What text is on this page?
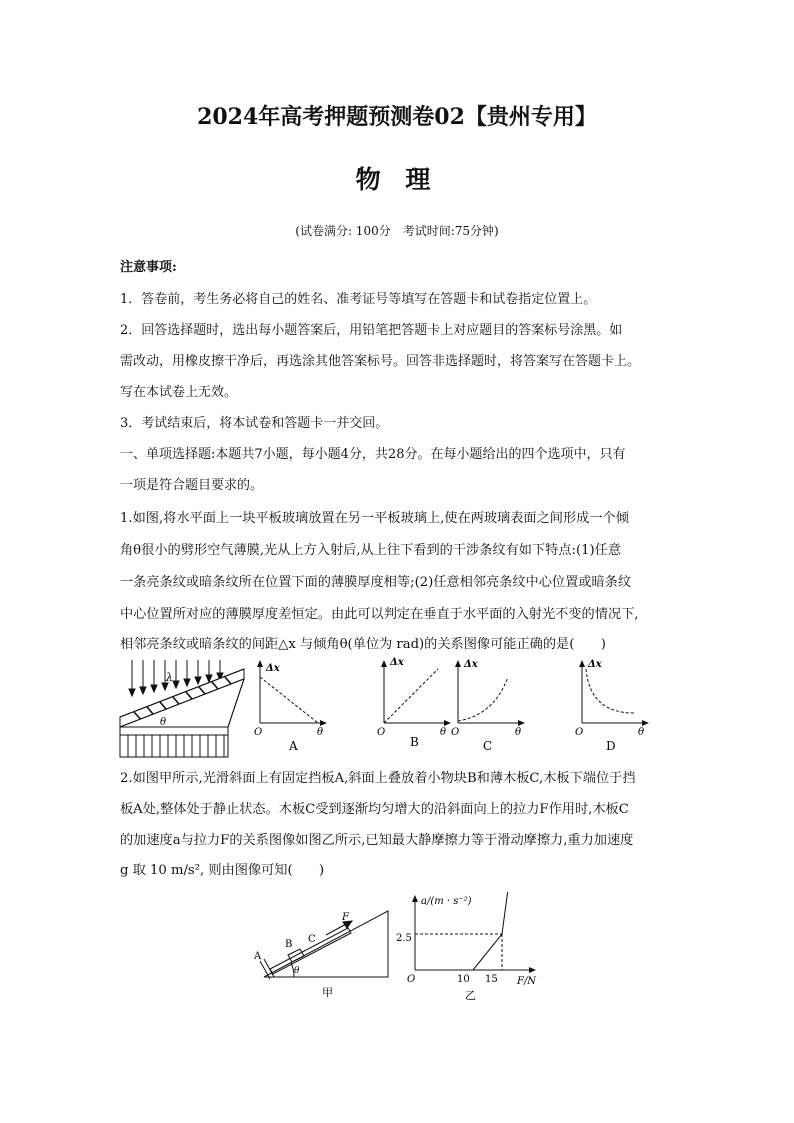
2024年高考押题预测卷02【贵州专用】
物 理
(试卷满分: 100分　考试时间:75分钟)
注意事项:
1．答卷前，考生务必将自己的姓名、准考证号等填写在答题卡和试卷指定位置上。
2．回答选择题时，选出每小题答案后，用铅笔把答题卡上对应题目的答案标号涂黑。如
需改动，用橡皮擦干净后，再选涂其他答案标号。回答非选择题时，将答案写在答题卡上。
写在本试卷上无效。
3．考试结束后，将本试卷和答题卡一并交回。
一、单项选择题:本题共7小题，每小题4分，共28分。在每小题给出的四个选项中，只有
一项是符合题目要求的。
1.如图,将水平面上一块平板玻璃放置在另一平板玻璃上,使在两玻璃表面之间形成一个倾
角θ很小的劈形空气薄膜,光从上方入射后,从上往下看到的干涉条纹有如下特点:(1)任意
一条亮条纹或暗条纹所在位置下面的薄膜厚度相等;(2)任意相邻亮条纹中心位置或暗条纹
中心位置所对应的薄膜厚度差恒定。由此可以判定在垂直于水平面的入射光不变的情况下,
相邻亮条纹或暗条纹的间距△x 与倾角θ(单位为 rad)的关系图像可能正确的是(　　)
λ
θ
Δx
O	θ
A
Δx
O	θ
B
Δx
O	θ
C
Δx
O	θ
D
2.如图甲所示,光滑斜面上有固定挡板A,斜面上叠放着小物块B和薄木板C,木板下端位于挡
板A处,整体处于静止状态。木板C受到逐渐均匀增大的沿斜面向上的拉力F作用时,木板C
的加速度a与拉力F的关系图像如图乙所示,已知最大静摩擦力等于滑动摩擦力,重力加速度
g 取 10 m/s², 则由图像可知(　　)
A
B C
F
θ
甲
a/(m · s⁻²)
O
2.5
10 15 F/N
乙
